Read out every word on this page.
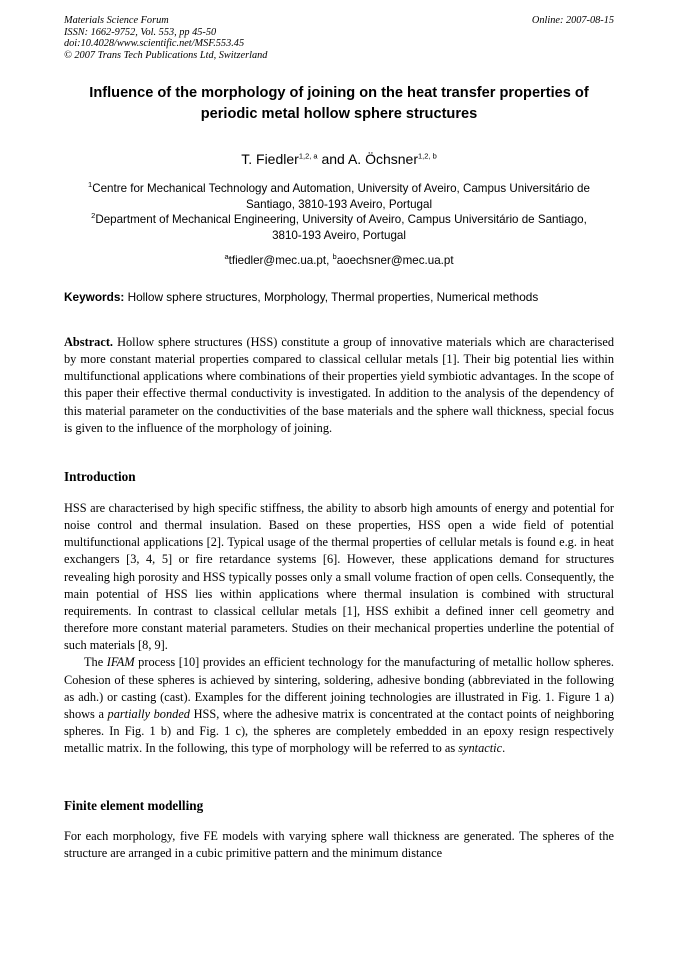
Materials Science Forum
ISSN: 1662-9752, Vol. 553, pp 45-50
doi:10.4028/www.scientific.net/MSF.553.45
© 2007 Trans Tech Publications Ltd, Switzerland
Online: 2007-08-15
Influence of the morphology of joining on the heat transfer properties of periodic metal hollow sphere structures
T. Fiedler$^{1,2, a}$ and A. Öchsner$^{1,2, b}$
$^1$Centre for Mechanical Technology and Automation, University of Aveiro, Campus Universitário de Santiago, 3810-193 Aveiro, Portugal
$^2$Department of Mechanical Engineering, University of Aveiro, Campus Universitário de Santiago, 3810-193 Aveiro, Portugal
$^a$tfiedler@mec.ua.pt, $^b$aoechsner@mec.ua.pt
Keywords: Hollow sphere structures, Morphology, Thermal properties, Numerical methods

Abstract. Hollow sphere structures (HSS) constitute a group of innovative materials which are characterised by more constant material properties compared to classical cellular metals [1]. Their big potential lies within multifunctional applications where combinations of their properties yield symbiotic advantages. In the scope of this paper their effective thermal conductivity is investigated. In addition to the analysis of the dependency of this material parameter on the conductivities of the base materials and the sphere wall thickness, special focus is given to the influence of the morphology of joining.

Introduction

HSS are characterised by high specific stiffness, the ability to absorb high amounts of energy and potential for noise control and thermal insulation. Based on these properties, HSS open a wide field of potential multifunctional applications [2]. Typical usage of the thermal properties of cellular metals is found e.g. in heat exchangers [3, 4, 5] or fire retardance systems [6]. However, these applications demand for structures revealing high porosity and HSS typically posses only a small volume fraction of open cells. Consequently, the main potential of HSS lies within applications where thermal insulation is combined with structural requirements. In contrast to classical cellular metals [1], HSS exhibit a defined inner cell geometry and therefore more constant material parameters. Studies on their mechanical properties underline the potential of such materials [8, 9].

The IFAM process [10] provides an efficient technology for the manufacturing of metallic hollow spheres. Cohesion of these spheres is achieved by sintering, soldering, adhesive bonding (abbreviated in the following as adh.) or casting (cast). Examples for the different joining technologies are illustrated in Fig. 1. Figure 1 a) shows a partially bonded HSS, where the adhesive matrix is concentrated at the contact points of neighboring spheres. In Fig. 1 b) and Fig. 1 c), the spheres are completely embedded in an epoxy resign respectively metallic matrix. In the following, this type of morphology will be referred to as syntactic.

Finite element modelling

For each morphology, five FE models with varying sphere wall thickness are generated. The spheres of the structure are arranged in a cubic primitive pattern and the minimum distance
